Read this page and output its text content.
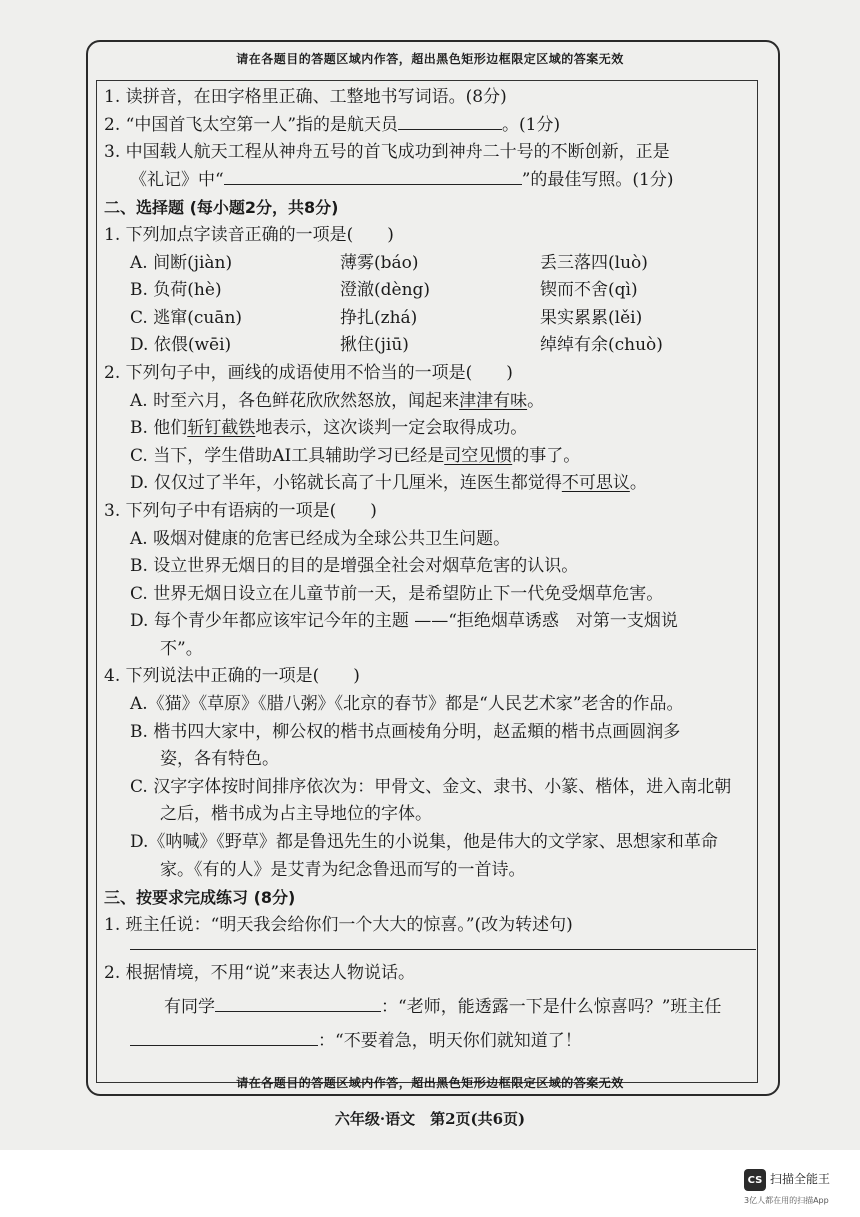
请在各题目的答题区域内作答，超出黑色矩形边框限定区域的答案无效
1. 读拼音，在田字格里正确、工整地书写词语。(8分)
2. “中国首飞太空第一人”指的是航天员	。(1分)
3. 中国载人航天工程从神舟五号的首飞成功到神舟二十号的不断创新，正是
《礼记》中“	”的最佳写照。(1分)
二、选择题 (每小题2分，共8分)
1. 下列加点字读音正确的一项是(　　)
A. 间断(jiàn)	薄雾(báo)	丢三落四(luò)
B. 负荷(hè)	澄澈(dèng)	锲而不舍(qì)
C. 逃窜(cuān)	挣扎(zhá)	果实累累(lěi)
D. 依偎(wēi)	揪住(jiū)	绰绰有余(chuò)
2. 下列句子中，画线的成语使用不恰当的一项是(　　)
A. 时至六月，各色鲜花欣欣然怒放，闻起来津津有味。
B. 他们斩钉截铁地表示，这次谈判一定会取得成功。
C. 当下，学生借助AI工具辅助学习已经是司空见惯的事了。
D. 仅仅过了半年，小铭就长高了十几厘米，连医生都觉得不可思议。
3. 下列句子中有语病的一项是(　　)
A. 吸烟对健康的危害已经成为全球公共卫生问题。
B. 设立世界无烟日的目的是增强全社会对烟草危害的认识。
C. 世界无烟日设立在儿童节前一天，是希望防止下一代免受烟草危害。
D. 每个青少年都应该牢记今年的主题 ——“拒绝烟草诱惑　对第一支烟说
不”。
4. 下列说法中正确的一项是(　　)
A.《猫》《草原》《腊八粥》《北京的春节》都是“人民艺术家”老舍的作品。
B. 楷书四大家中，柳公权的楷书点画棱角分明，赵孟頫的楷书点画圆润多
姿，各有特色。
C. 汉字字体按时间排序依次为：甲骨文、金文、隶书、小篆、楷体，进入南北朝
之后，楷书成为占主导地位的字体。
D.《呐喊》《野草》都是鲁迅先生的小说集，他是伟大的文学家、思想家和革命
家。《有的人》是艾青为纪念鲁迅而写的一首诗。
三、按要求完成练习 (8分)
1. 班主任说：“明天我会给你们一个大大的惊喜。”(改为转述句)
2. 根据情境，不用“说”来表达人物说话。
有同学	：“老师，能透露一下是什么惊喜吗？”班主任
：“不要着急，明天你们就知道了！
请在各题目的答题区域内作答，超出黑色矩形边框限定区域的答案无效
六年级·语文　第2页(共6页)
CS 扫描全能王
3亿人都在用的扫描App
